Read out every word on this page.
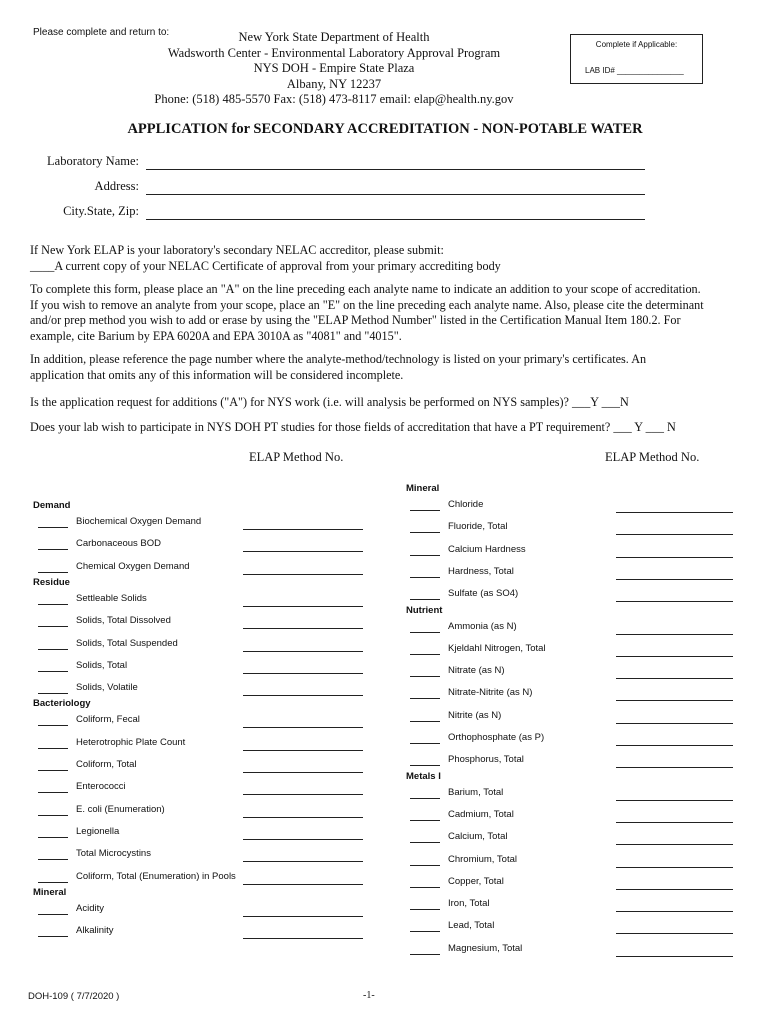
Please complete and return to:	New York State Department of Health
Wadsworth Center - Environmental Laboratory Approval Program
NYS DOH - Empire State Plaza
Albany, NY 12237
Phone: (518) 485-5570 Fax: (518) 473-8117 email: elap@health.ny.gov
Complete if Applicable:
LAB ID# _______________
APPLICATION for SECONDARY ACCREDITATION - NON-POTABLE WATER
Laboratory Name:
Address:
City.State, Zip:
If New York ELAP is your laboratory's secondary NELAC accreditor, please submit:
____A current copy of your NELAC Certificate of approval from your primary accrediting body
To complete this form, please place an "A" on the line preceding each analyte name to indicate an addition to your scope of accreditation.
If you wish to remove an analyte from your scope, place an "E" on the line preceding each analyte name. Also, please cite the determinant
and/or prep method you wish to add or erase by using the "ELAP Method Number" listed in the Certification Manual Item 180.2. For
example, cite Barium by EPA 6020A and EPA 3010A as "4081" and "4015".
In addition, please reference the page number where the analyte-method/technology is listed on your primary's certificates. An
application that omits any of this information will be considered incomplete.
Is the application request for additions ("A") for NYS work (i.e. will analysis be performed on NYS samples)? ___Y ___N
Does your lab wish to participate in NYS DOH PT studies for those fields of accreditation that have a PT requirement? ___ Y ___ N
ELAP Method No.	ELAP Method No.
Demand
Biochemical Oxygen Demand
Carbonaceous BOD
Chemical Oxygen Demand
Residue
Settleable Solids
Solids, Total Dissolved
Solids, Total Suspended
Solids, Total
Solids, Volatile
Bacteriology
Coliform, Fecal
Heterotrophic Plate Count
Coliform, Total
Enterococci
E. coli (Enumeration)
Legionella
Total Microcystins
Coliform, Total (Enumeration) in Pools
Mineral
Acidity
Alkalinity
Mineral
Chloride
Fluoride, Total
Calcium Hardness
Hardness, Total
Sulfate (as SO4)
Nutrient
Ammonia (as N)
Kjeldahl Nitrogen, Total
Nitrate (as N)
Nitrate-Nitrite (as N)
Nitrite (as N)
Orthophosphate (as P)
Phosphorus, Total
Metals I
Barium, Total
Cadmium, Total
Calcium, Total
Chromium, Total
Copper, Total
Iron, Total
Lead, Total
Magnesium, Total
DOH-109 ( 7/7/2020 )	-1-
